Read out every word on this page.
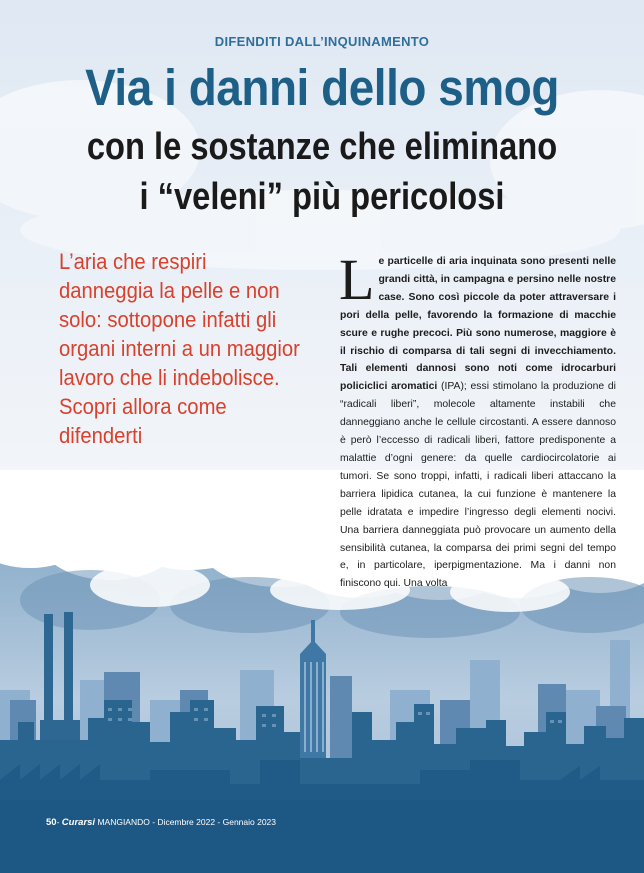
DIFENDITI DALL’INQUINAMENTO
Via i danni dello smog
con le sostanze che eliminano
i “veleni” più pericolosi
L’aria che respiri danneggia la pelle e non solo: sottopone infatti gli organi interni a un maggior lavoro che li indebolisce. Scopri allora come difenderti
Le particelle di aria inquinata sono presenti nelle grandi città, in campagna e persino nelle nostre case. Sono così piccole da poter attraversare i pori della pelle, favorendo la formazione di macchie scure e rughe precoci. Più sono numerose, maggiore è il rischio di comparsa di tali segni di invecchiamento. Tali elementi dannosi sono noti come idrocarburi policiclici aromatici (IPA); essi stimolano la produzione di “radicali liberi”, molecole altamente instabili che danneggiano anche le cellule circostanti. A essere dannoso è però l’eccesso di radicali liberi, fattore predisponente a malattie d’ogni genere: da quelle cardiocircolatorie ai tumori. Se sono troppi, infatti, i radicali liberi attaccano la barriera lipidica cutanea, la cui funzione è mantenere la pelle idratata e impedire l’ingresso degli elementi nocivi. Una barriera danneggiata può provocare un aumento della sensibilità cutanea, la comparsa dei primi segni del tempo e, in particolare, iperpigmentazione. Ma i danni non finiscono qui. Una volta
50- Curarsi MANGIANDO - Dicembre 2022 - Gennaio 2023
